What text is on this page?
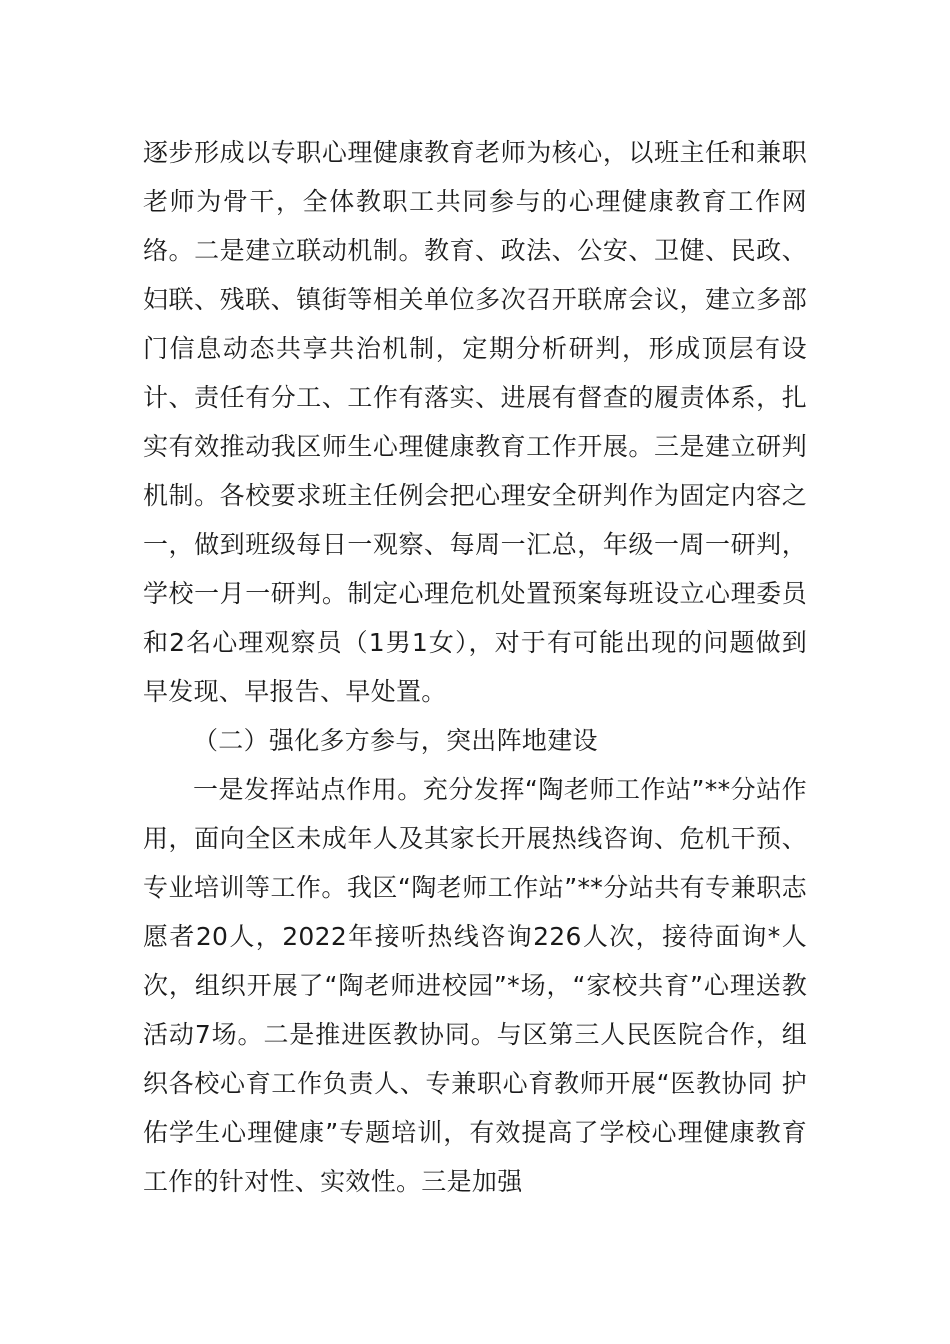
逐步形成以专职心理健康教育老师为核心，以班主任和兼职老师为骨干，全体教职工共同参与的心理健康教育工作网络。二是建立联动机制。教育、政法、公安、卫健、民政、妇联、残联、镇街等相关单位多次召开联席会议，建立多部门信息动态共享共治机制，定期分析研判，形成顶层有设计、责任有分工、工作有落实、进展有督查的履责体系，扎实有效推动我区师生心理健康教育工作开展。三是建立研判机制。各校要求班主任例会把心理安全研判作为固定内容之一，做到班级每日一观察、每周一汇总，年级一周一研判，学校一月一研判。制定心理危机处置预案每班设立心理委员和2名心理观察员（1男1女），对于有可能出现的问题做到早发现、早报告、早处置。

（二）强化多方参与，突出阵地建设

一是发挥站点作用。充分发挥“陶老师工作站”**分站作用，面向全区未成年人及其家长开展热线咨询、危机干预、专业培训等工作。我区“陶老师工作站”**分站共有专兼职志愿者20人，2022年接听热线咨询226人次，接待面询*人次，组织开展了“陶老师进校园”*场，“家校共育”心理送教活动7场。二是推进医教协同。与区第三人民医院合作，组织各校心育工作负责人、专兼职心育教师开展“医教协同 护佑学生心理健康”专题培训，有效提高了学校心理健康教育工作的针对性、实效性。三是加强
